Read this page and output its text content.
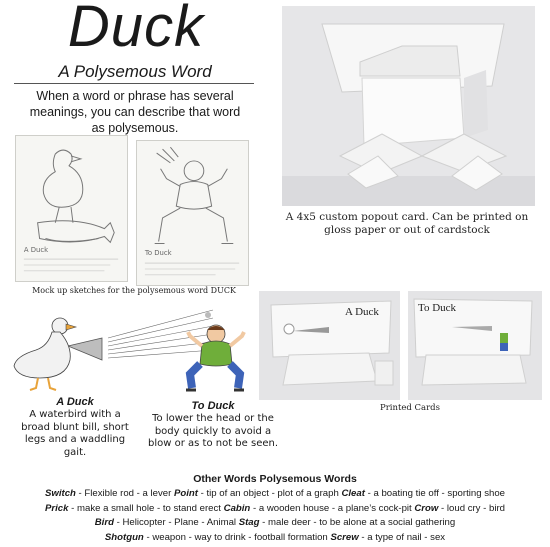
Duck
A Polysemous Word
When a word or phrase has several meanings, you can describe that word as polysemous.
A Duck	To Duck
Mock up sketches for the polysemous word DUCK
A 4x5 custom popout card. Can be printed on gloss paper or out of cardstock
A Duck	To Duck
Printed Cards
A Duck
A waterbird with a broad blunt bill, short legs and a waddling gait.
To Duck
To lower the head or the body quickly to avoid a blow or as to not be seen.
Other Words Polysemous Words
Switch - Flexible rod - a lever Point - tip of an object - plot of a graph Cleat - a boating tie off - sporting shoe
Prick - make a small hole - to stand erect Cabin - a wooden house - a plane’s cock-pit Crow - loud cry - bird
Bird - Helicopter - Plane - Animal Stag - male deer - to be alone at a social gathering
Shotgun - weapon - way to drink - football formation Screw - a type of nail - sex
